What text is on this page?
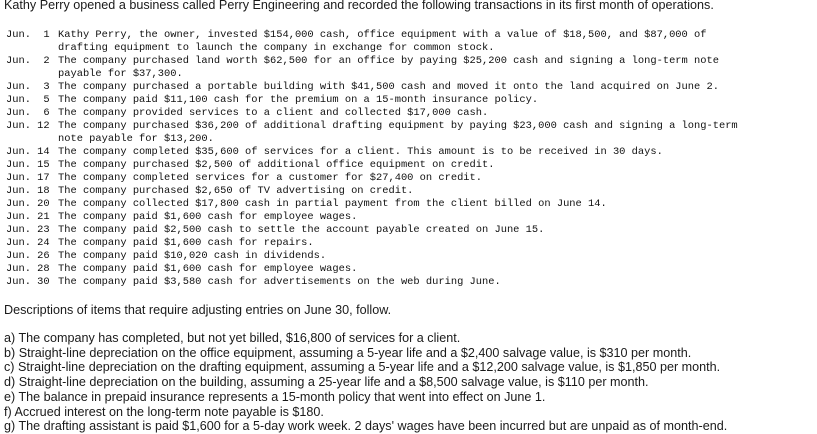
Kathy Perry opened a business called Perry Engineering and recorded the following transactions in its first month of operations.
Jun.  1 Kathy Perry, the owner, invested $154,000 cash, office equipment with a value of $18,500, and $87,000 of
drafting equipment to launch the company in exchange for common stock.
Jun.  2 The company purchased land worth $62,500 for an office by paying $25,200 cash and signing a long-term note
payable for $37,300.
Jun.  3 The company purchased a portable building with $41,500 cash and moved it onto the land acquired on June 2.
Jun.  5 The company paid $11,100 cash for the premium on a 15-month insurance policy.
Jun.  6 The company provided services to a client and collected $17,000 cash.
Jun. 12 The company purchased $36,200 of additional drafting equipment by paying $23,000 cash and signing a long-term
note payable for $13,200.
Jun. 14 The company completed $35,600 of services for a client. This amount is to be received in 30 days.
Jun. 15 The company purchased $2,500 of additional office equipment on credit.
Jun. 17 The company completed services for a customer for $27,400 on credit.
Jun. 18 The company purchased $2,650 of TV advertising on credit.
Jun. 20 The company collected $17,800 cash in partial payment from the client billed on June 14.
Jun. 21 The company paid $1,600 cash for employee wages.
Jun. 23 The company paid $2,500 cash to settle the account payable created on June 15.
Jun. 24 The company paid $1,600 cash for repairs.
Jun. 26 The company paid $10,020 cash in dividends.
Jun. 28 The company paid $1,600 cash for employee wages.
Jun. 30 The company paid $3,580 cash for advertisements on the web during June.
Descriptions of items that require adjusting entries on June 30, follow.
a) The company has completed, but not yet billed, $16,800 of services for a client.
b) Straight-line depreciation on the office equipment, assuming a 5-year life and a $2,400 salvage value, is $310 per month.
c) Straight-line depreciation on the drafting equipment, assuming a 5-year life and a $12,200 salvage value, is $1,850 per month.
d) Straight-line depreciation on the building, assuming a 25-year life and a $8,500 salvage value, is $110 per month.
e) The balance in prepaid insurance represents a 15-month policy that went into effect on June 1.
f) Accrued interest on the long-term note payable is $180.
g) The drafting assistant is paid $1,600 for a 5-day work week. 2 days' wages have been incurred but are unpaid as of month-end.
